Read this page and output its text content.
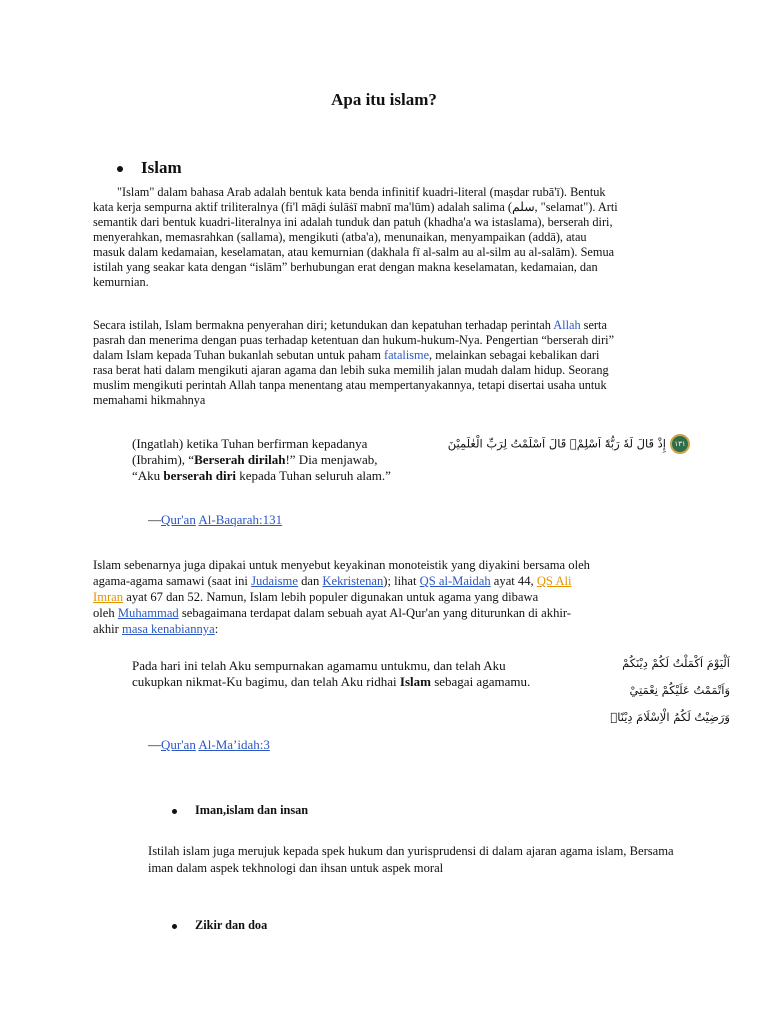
Apa itu islam?
Islam
"Islam" dalam bahasa Arab adalah bentuk kata benda infinitif kuadri-literal (maṣdar rubā'ī). Bentuk
kata kerja sempurna aktif triliteralnya (fi'l māḍi ṡulāṡī mabnī ma'lūm) adalah salima (سلم, "selamat"). Arti
semantik dari bentuk kuadri-literalnya ini adalah tunduk dan patuh (khadha'a wa istaslama), berserah diri,
menyerahkan, memasrahkan (sallama), mengikuti (atba'a), menunaikan, menyampaikan (addā), atau
masuk dalam kedamaian, keselamatan, atau kemurnian (dakhala fī al-salm au al-silm au al-salām). Semua
istilah yang seakar kata dengan “islām” berhubungan erat dengan makna keselamatan, kedamaian, dan
kemurnian.
Secara istilah, Islam bermakna penyerahan diri; ketundukan dan kepatuhan terhadap perintah Allah serta
pasrah dan menerima dengan puas terhadap ketentuan dan hukum-hukum-Nya. Pengertian “berserah diri”
dalam Islam kepada Tuhan bukanlah sebutan untuk paham fatalisme, melainkan sebagai kebalikan dari
rasa berat hati dalam mengikuti ajaran agama dan lebih suka memilih jalan mudah dalam hidup. Seorang
muslim mengikuti perintah Allah tanpa menentang atau mempertanyakannya, tetapi disertai usaha untuk
memahami hikmahnya
(Ingatlah) ketika Tuhan berfirman kepadanya
(Ibrahim), “Berserah dirilah!” Dia menjawab,
“Aku berserah diri kepada Tuhan seluruh alam.”
إِذْ قَالَ لَهٗ رَبُّهٗٓ اَسْلِمْۙ قَالَ اَسْلَمْتُ لِرَبِّ الْعٰلَمِيْنَ ١٣١
—Qur'an Al-Baqarah:131
Islam sebenarnya juga dipakai untuk menyebut keyakinan monoteistik yang diyakini bersama oleh
agama-agama samawi (saat ini Judaisme dan Kekristenan); lihat QS al-Maidah ayat 44, QS Ali
Imran ayat 67 dan 52. Namun, Islam lebih populer digunakan untuk agama yang dibawa
oleh Muhammad sebagaimana terdapat dalam sebuah ayat Al-Qur'an yang diturunkan di akhir-
akhir masa kenabiannya:
Pada hari ini telah Aku sempurnakan agamamu untukmu, dan telah Aku
cukupkan nikmat-Ku bagimu, dan telah Aku ridhai Islam sebagai agamamu.
اَلْيَوْمَ اَكْمَلْتُ لَكُمْ دِيْنَكُمْ
وَاَتْمَمْتُ عَلَيْكُمْ نِعْمَتِيْ
وَرَضِيْتُ لَكُمُ الْاِسْلَامَ دِيْنًاۗ
—Qur'an Al-Ma’idah:3
Iman,islam dan insan
Istilah islam juga merujuk kepada spek hukum dan yurisprudensi di dalam ajaran agama islam, Bersama
iman dalam aspek tekhnologi dan ihsan untuk aspek moral
Zikir dan doa
